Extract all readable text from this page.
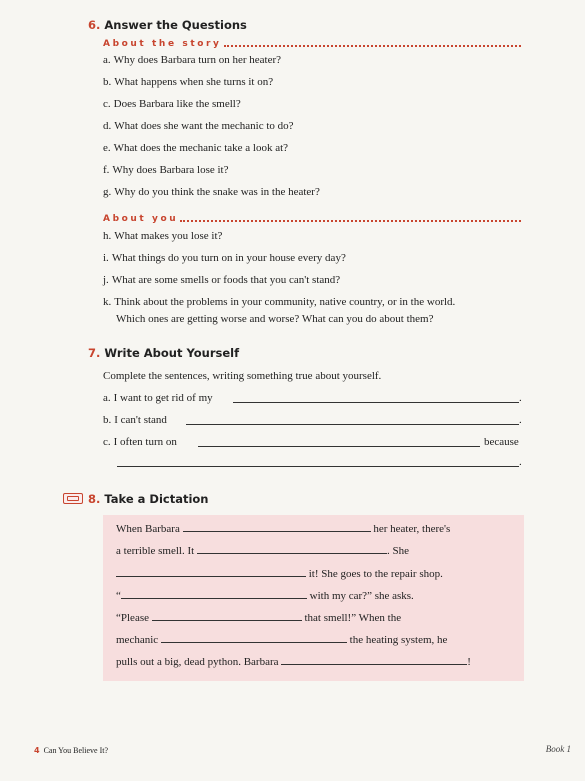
6. Answer the Questions
About the story
a. Why does Barbara turn on her heater?
b. What happens when she turns it on?
c. Does Barbara like the smell?
d. What does she want the mechanic to do?
e. What does the mechanic take a look at?
f. Why does Barbara lose it?
g. Why do you think the snake was in the heater?
About you
h. What makes you lose it?
i. What things do you turn on in your house every day?
j. What are some smells or foods that you can't stand?
k. Think about the problems in your community, native country, or in the world.
Which ones are getting worse and worse? What can you do about them?
7. Write About Yourself
Complete the sentences, writing something true about yourself.
a. I want to get rid of my	.
b. I can't stand	.
c. I often turn on	because
.
8. Take a Dictation
When Barbara	her heater, there's
a terrible smell. It	. She
it! She goes to the repair shop.
“	with my car?” she asks.
“Please	that smell!” When the
mechanic	the heating system, he
pulls out a big, dead python. Barbara	!
4 Can You Believe It?	Book 1
